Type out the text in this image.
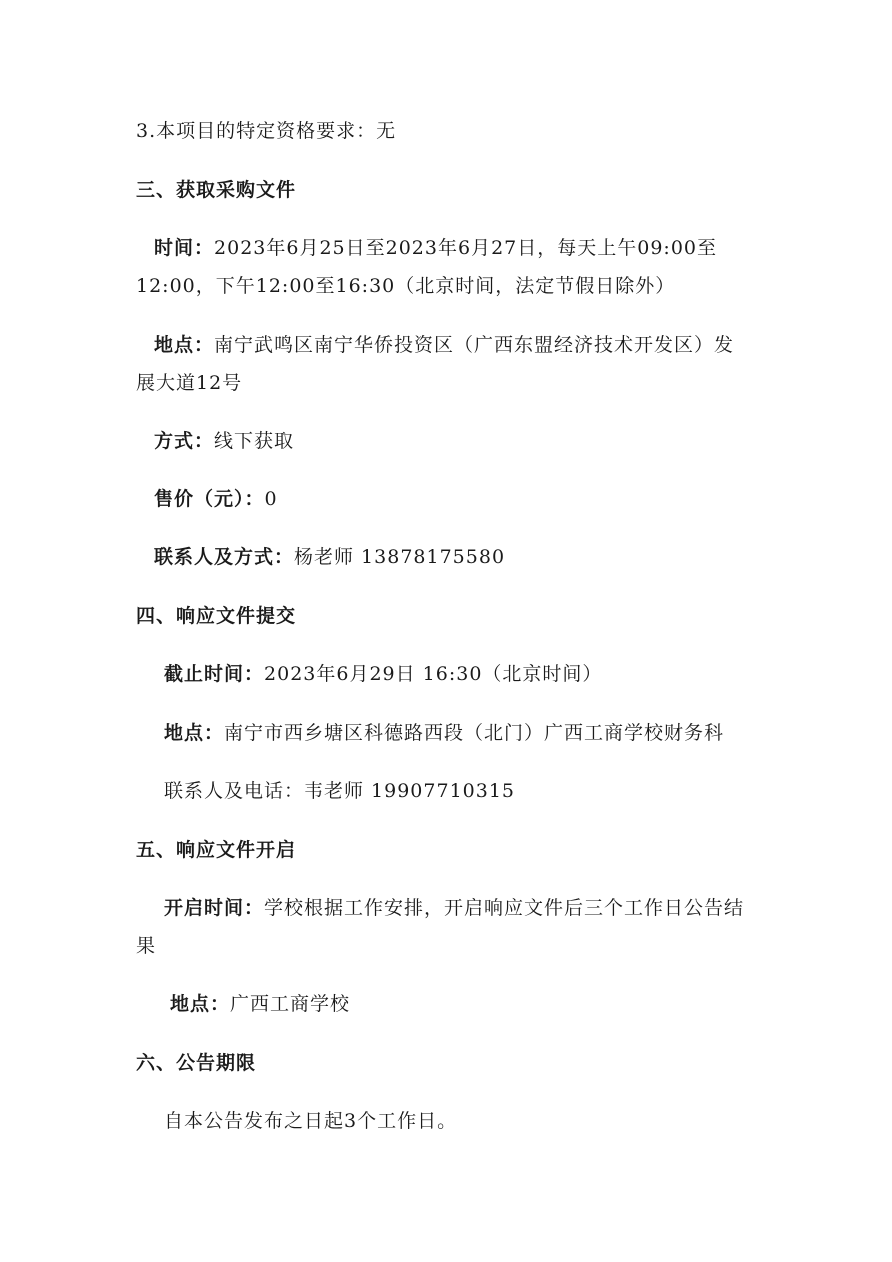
3.本项目的特定资格要求：无
三、获取采购文件
时间：2023年6月25日至2023年6月27日，每天上午09:00至
12:00，下午12:00至16:30（北京时间，法定节假日除外）
地点：南宁武鸣区南宁华侨投资区（广西东盟经济技术开发区）发
展大道12号
方式：线下获取
售价（元）：0
联系人及方式：杨老师 13878175580
四、响应文件提交
截止时间：2023年6月29日 16:30（北京时间）
地点：南宁市西乡塘区科德路西段（北门）广西工商学校财务科
联系人及电话：韦老师 19907710315
五、响应文件开启
开启时间：学校根据工作安排，开启响应文件后三个工作日公告结
果
地点：广西工商学校
六、公告期限
自本公告发布之日起3个工作日。
